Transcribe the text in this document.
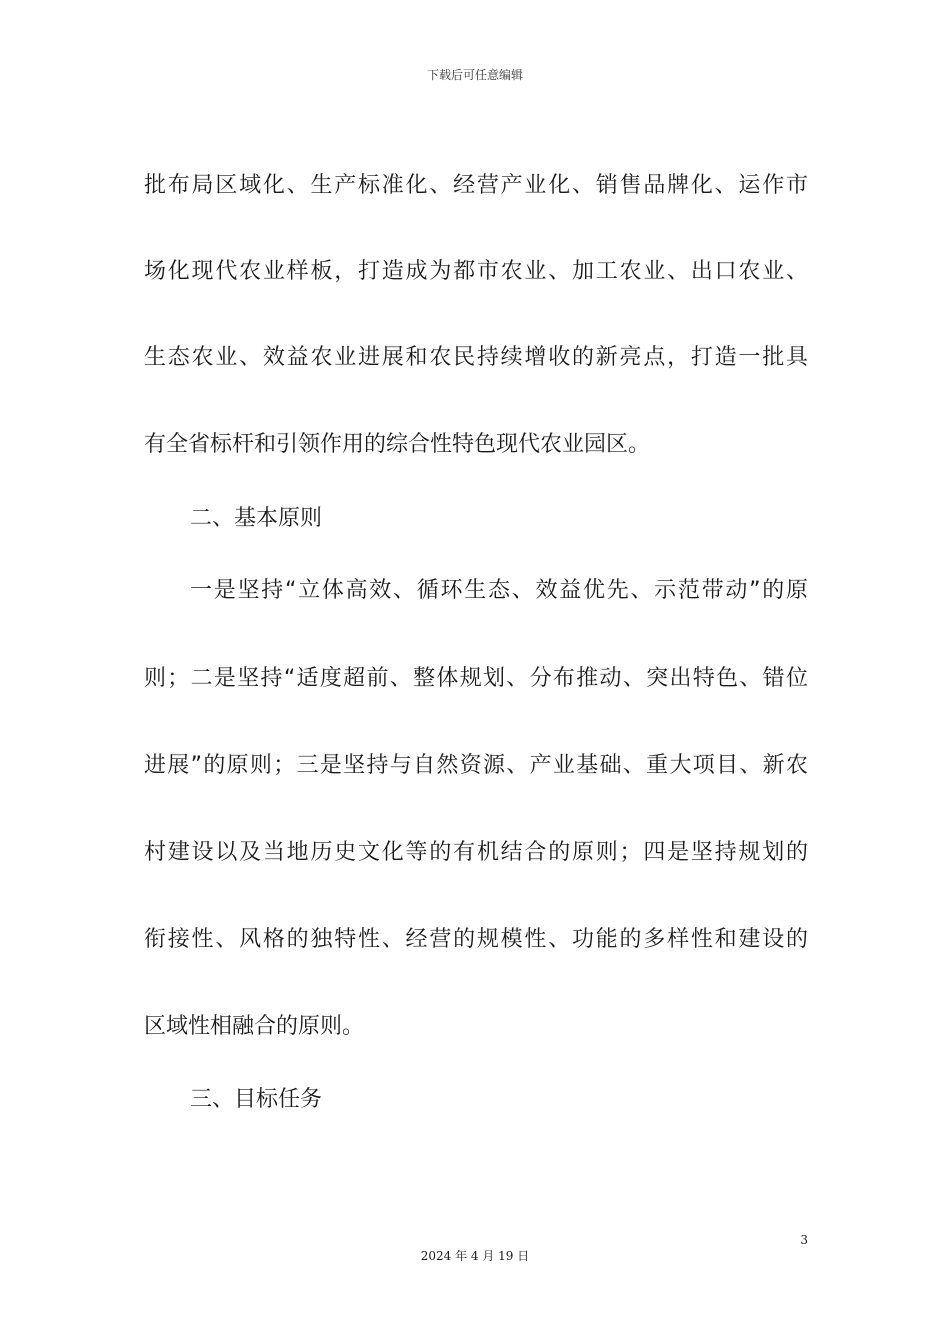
下载后可任意编辑
批布局区域化、生产标准化、经营产业化、销售品牌化、运作市
场化现代农业样板，打造成为都市农业、加工农业、出口农业、
生态农业、效益农业进展和农民持续增收的新亮点，打造一批具
有全省标杆和引领作用的综合性特色现代农业园区。
二、基本原则
一是坚持“立体高效、循环生态、效益优先、示范带动”的原
则；二是坚持“适度超前、整体规划、分布推动、突出特色、错位
进展”的原则；三是坚持与自然资源、产业基础、重大项目、新农
村建设以及当地历史文化等的有机结合的原则；四是坚持规划的
衔接性、风格的独特性、经营的规模性、功能的多样性和建设的
区域性相融合的原则。
三、目标任务
3
2024 年 4 月 19 日
